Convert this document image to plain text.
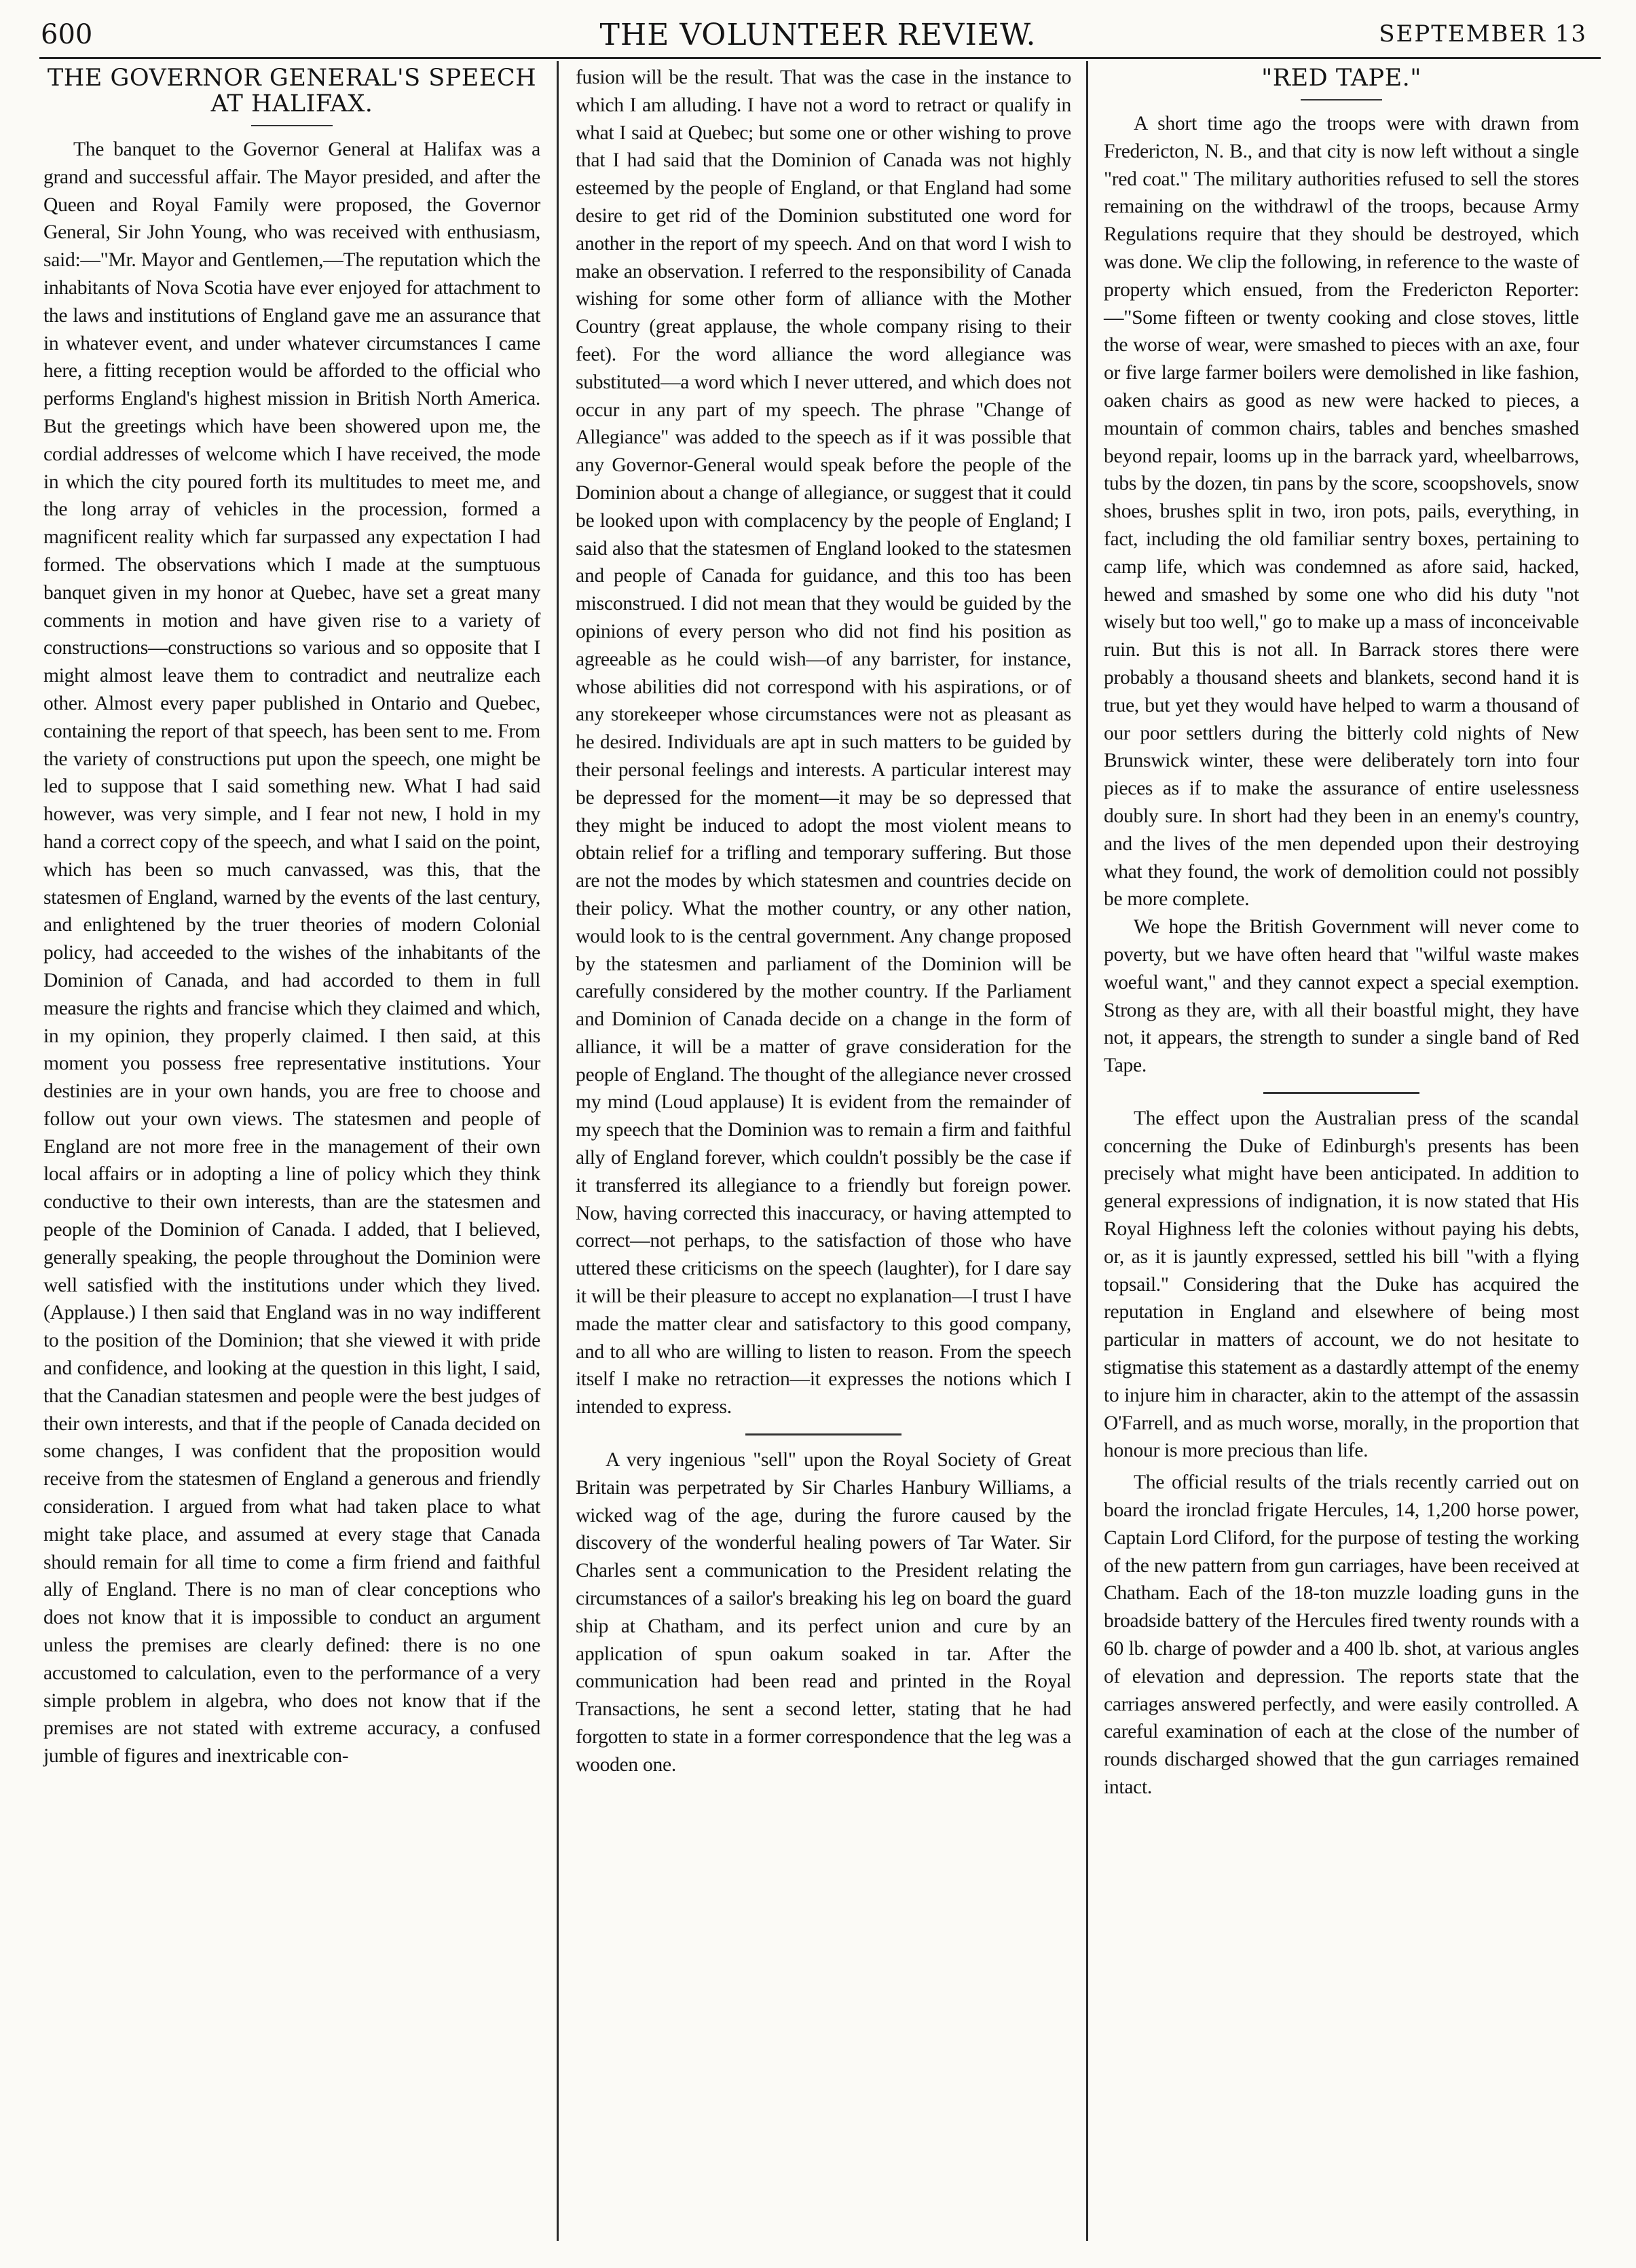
600	THE VOLUNTEER REVIEW.	SEPTEMBER 13
THE GOVERNOR GENERAL'S SPEECH AT HALIFAX.

The banquet to the Governor General at Halifax was a grand and successful affair. The Mayor presided, and after the Queen and Royal Family were proposed, the Governor General, Sir John Young, who was received with enthusiasm, said:—"Mr. Mayor and Gentlemen,—The reputation which the inhabitants of Nova Scotia have ever enjoyed for attachment to the laws and institutions of England gave me an assurance that in whatever event, and under whatever circumstances I came here, a fitting reception would be afforded to the official who performs England's highest mission in British North America. But the greetings which have been showered upon me, the cordial addresses of welcome which I have received, the mode in which the city poured forth its multitudes to meet me, and the long array of vehicles in the procession, formed a magnificent reality which far surpassed any expectation I had formed. The observations which I made at the sumptuous banquet given in my honor at Quebec, have set a great many comments in motion and have given rise to a variety of constructions—constructions so various and so opposite that I might almost leave them to contradict and neutralize each other. Almost every paper published in Ontario and Quebec, containing the report of that speech, has been sent to me. From the variety of constructions put upon the speech, one might be led to suppose that I said something new. What I had said however, was very simple, and I fear not new, I hold in my hand a correct copy of the speech, and what I said on the point, which has been so much canvassed, was this, that the statesmen of England, warned by the events of the last century, and enlightened by the truer theories of modern Colonial policy, had acceeded to the wishes of the inhabitants of the Dominion of Canada, and had accorded to them in full measure the rights and francise which they claimed and which, in my opinion, they properly claimed. I then said, at this moment you possess free representative institutions. Your destinies are in your own hands, you are free to choose and follow out your own views. The statesmen and people of England are not more free in the management of their own local affairs or in adopting a line of policy which they think conductive to their own interests, than are the statesmen and people of the Dominion of Canada. I added, that I believed, generally speaking, the people throughout the Dominion were well satisfied with the institutions under which they lived. (Applause.) I then said that England was in no way indifferent to the position of the Dominion; that she viewed it with pride and confidence, and looking at the question in this light, I said, that the Canadian statesmen and people were the best judges of their own interests, and that if the people of Canada decided on some changes, I was confident that the proposition would receive from the statesmen of England a generous and friendly consideration. I argued from what had taken place to what might take place, and assumed at every stage that Canada should remain for all time to come a firm friend and faithful ally of England. There is no man of clear conceptions who does not know that it is impossible to conduct an argument unless the premises are clearly defined: there is no one accustomed to calculation, even to the performance of a very simple problem in algebra, who does not know that if the premises are not stated with extreme accuracy, a confused jumble of figures and inextricable con-

fusion will be the result. That was the case in the instance to which I am alluding. I have not a word to retract or qualify in what I said at Quebec; but some one or other wishing to prove that I had said that the Dominion of Canada was not highly esteemed by the people of England, or that England had some desire to get rid of the Dominion substituted one word for another in the report of my speech. And on that word I wish to make an observation. I referred to the responsibility of Canada wishing for some other form of alliance with the Mother Country (great applause, the whole company rising to their feet). For the word alliance the word allegiance was substituted—a word which I never uttered, and which does not occur in any part of my speech. The phrase "Change of Allegiance" was added to the speech as if it was possible that any Governor-General would speak before the people of the Dominion about a change of allegiance, or suggest that it could be looked upon with complacency by the people of England; I said also that the statesmen of England looked to the statesmen and people of Canada for guidance, and this too has been misconstrued. I did not mean that they would be guided by the opinions of every person who did not find his position as agreeable as he could wish—of any barrister, for instance, whose abilities did not correspond with his aspirations, or of any storekeeper whose circumstances were not as pleasant as he desired. Individuals are apt in such matters to be guided by their personal feelings and interests. A particular interest may be depressed for the moment—it may be so depressed that they might be induced to adopt the most violent means to obtain relief for a trifling and temporary suffering. But those are not the modes by which statesmen and countries decide on their policy. What the mother country, or any other nation, would look to is the central government. Any change proposed by the statesmen and parliament of the Dominion will be carefully considered by the mother country. If the Parliament and Dominion of Canada decide on a change in the form of alliance, it will be a matter of grave consideration for the people of England. The thought of the allegiance never crossed my mind (Loud applause) It is evident from the remainder of my speech that the Dominion was to remain a firm and faithful ally of England forever, which couldn't possibly be the case if it transferred its allegiance to a friendly but foreign power. Now, having corrected this inaccuracy, or having attempted to correct—not perhaps, to the satisfaction of those who have uttered these criticisms on the speech (laughter), for I dare say it will be their pleasure to accept no explanation—I trust I have made the matter clear and satisfactory to this good company, and to all who are willing to listen to reason. From the speech itself I make no retraction—it expresses the notions which I intended to express.

A very ingenious "sell" upon the Royal Society of Great Britain was perpetrated by Sir Charles Hanbury Williams, a wicked wag of the age, during the furore caused by the discovery of the wonderful healing powers of Tar Water. Sir Charles sent a communication to the President relating the circumstances of a sailor's breaking his leg on board the guard ship at Chatham, and its perfect union and cure by an application of spun oakum soaked in tar. After the communication had been read and printed in the Royal Transactions, he sent a second letter, stating that he had forgotten to state in a former correspondence that the leg was a wooden one.

"RED TAPE."

A short time ago the troops were with drawn from Fredericton, N. B., and that city is now left without a single "red coat." The military authorities refused to sell the stores remaining on the withdrawl of the troops, because Army Regulations require that they should be destroyed, which was done. We clip the following, in reference to the waste of property which ensued, from the Fredericton Reporter:—"Some fifteen or twenty cooking and close stoves, little the worse of wear, were smashed to pieces with an axe, four or five large farmer boilers were demolished in like fashion, oaken chairs as good as new were hacked to pieces, a mountain of common chairs, tables and benches smashed beyond repair, looms up in the barrack yard, wheelbarrows, tubs by the dozen, tin pans by the score, scoopshovels, snow shoes, brushes split in two, iron pots, pails, everything, in fact, including the old familiar sentry boxes, pertaining to camp life, which was condemned as afore said, hacked, hewed and smashed by some one who did his duty "not wisely but too well," go to make up a mass of inconceivable ruin. But this is not all. In Barrack stores there were probably a thousand sheets and blankets, second hand it is true, but yet they would have helped to warm a thousand of our poor settlers during the bitterly cold nights of New Brunswick winter, these were deliberately torn into four pieces as if to make the assurance of entire uselessness doubly sure. In short had they been in an enemy's country, and the lives of the men depended upon their destroying what they found, the work of demolition could not possibly be more complete.

We hope the British Government will never come to poverty, but we have often heard that "wilful waste makes woeful want," and they cannot expect a special exemption. Strong as they are, with all their boastful might, they have not, it appears, the strength to sunder a single band of Red Tape.

The effect upon the Australian press of the scandal concerning the Duke of Edinburgh's presents has been precisely what might have been anticipated. In addition to general expressions of indignation, it is now stated that His Royal Highness left the colonies without paying his debts, or, as it is jauntly expressed, settled his bill "with a flying topsail." Considering that the Duke has acquired the reputation in England and elsewhere of being most particular in matters of account, we do not hesitate to stigmatise this statement as a dastardly attempt of the enemy to injure him in character, akin to the attempt of the assassin O'Farrell, and as much worse, morally, in the proportion that honour is more precious than life.

The official results of the trials recently carried out on board the ironclad frigate Hercules, 14, 1,200 horse power, Captain Lord Cliford, for the purpose of testing the working of the new pattern from gun carriages, have been received at Chatham. Each of the 18-ton muzzle loading guns in the broadside battery of the Hercules fired twenty rounds with a 60 lb. charge of powder and a 400 lb. shot, at various angles of elevation and depression. The reports state that the carriages answered perfectly, and were easily controlled. A careful examination of each at the close of the number of rounds discharged showed that the gun carriages remained intact.
